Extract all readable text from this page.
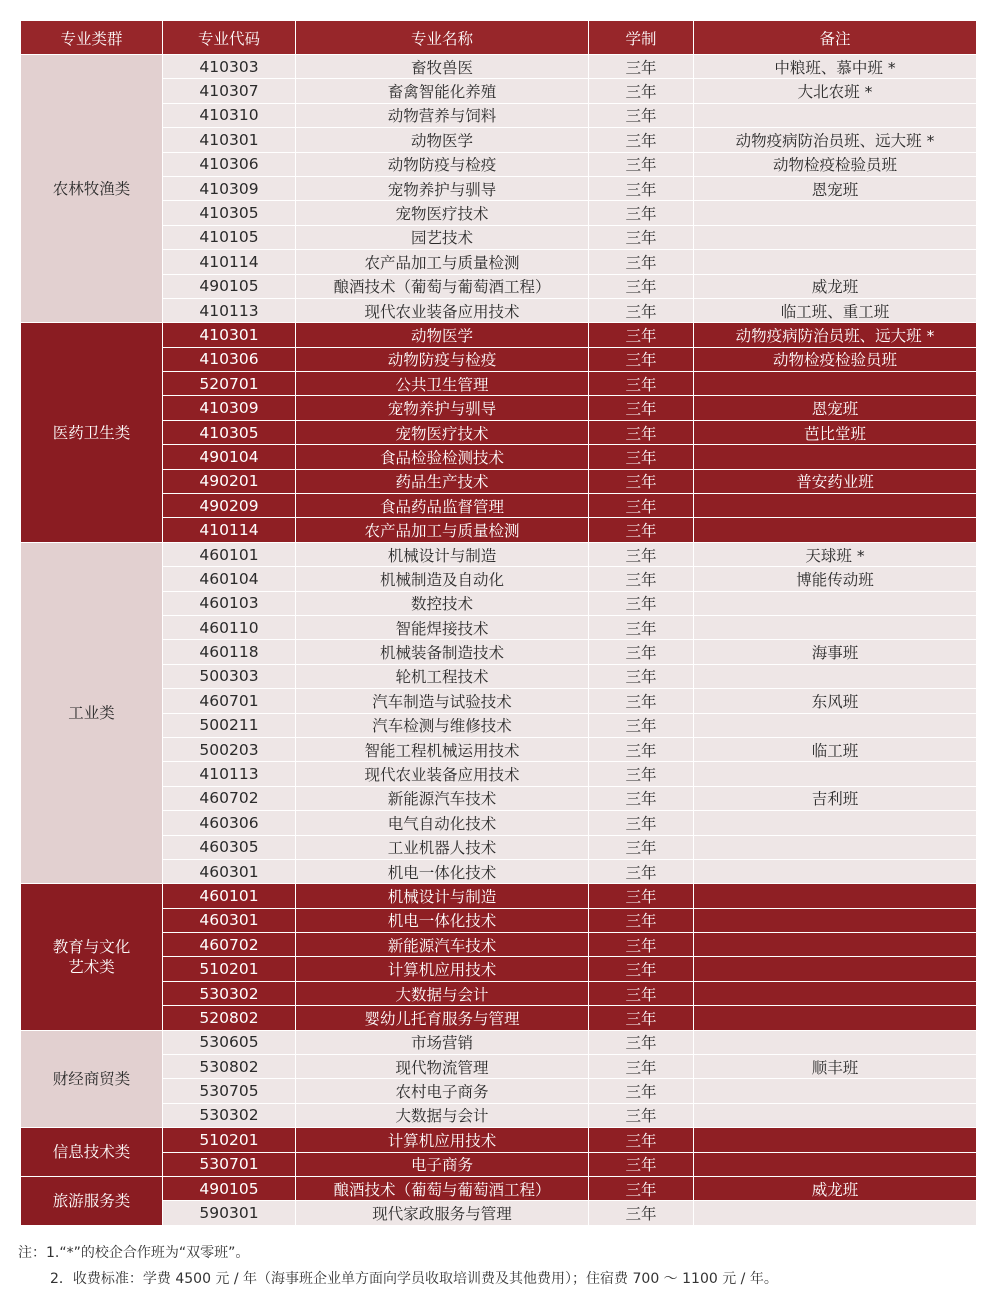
专业类群	专业代码	专业名称	学制	备注
农林牧渔类	410303	畜牧兽医	三年	中粮班、慕中班 *
	410307	畜禽智能化养殖	三年	大北农班 *
	410310	动物营养与饲料	三年	
	410301	动物医学	三年	动物疫病防治员班、远大班 *
	410306	动物防疫与检疫	三年	动物检疫检验员班
	410309	宠物养护与驯导	三年	恩宠班
	410305	宠物医疗技术	三年	
	410105	园艺技术	三年	
	410114	农产品加工与质量检测	三年	
	490105	酿酒技术（葡萄与葡萄酒工程）	三年	威龙班
	410113	现代农业装备应用技术	三年	临工班、重工班
医药卫生类	410301	动物医学	三年	动物疫病防治员班、远大班 *
	410306	动物防疫与检疫	三年	动物检疫检验员班
	520701	公共卫生管理	三年	
	410309	宠物养护与驯导	三年	恩宠班
	410305	宠物医疗技术	三年	芭比堂班
	490104	食品检验检测技术	三年	
	490201	药品生产技术	三年	普安药业班
	490209	食品药品监督管理	三年	
	410114	农产品加工与质量检测	三年	
工业类	460101	机械设计与制造	三年	天球班 *
	460104	机械制造及自动化	三年	博能传动班
	460103	数控技术	三年	
	460110	智能焊接技术	三年	
	460118	机械装备制造技术	三年	海事班
	500303	轮机工程技术	三年	
	460701	汽车制造与试验技术	三年	东风班
	500211	汽车检测与维修技术	三年	
	500203	智能工程机械运用技术	三年	临工班
	410113	现代农业装备应用技术	三年	
	460702	新能源汽车技术	三年	吉利班
	460306	电气自动化技术	三年	
	460305	工业机器人技术	三年	
	460301	机电一体化技术	三年	
教育与文化
艺术类	460101	机械设计与制造	三年	
	460301	机电一体化技术	三年	
	460702	新能源汽车技术	三年	
	510201	计算机应用技术	三年	
	530302	大数据与会计	三年	
	520802	婴幼儿托育服务与管理	三年	
财经商贸类	530605	市场营销	三年	
	530802	现代物流管理	三年	顺丰班
	530705	农村电子商务	三年	
	530302	大数据与会计	三年	
信息技术类	510201	计算机应用技术	三年	
	530701	电子商务	三年	
旅游服务类	490105	酿酒技术（葡萄与葡萄酒工程）	三年	威龙班
	590301	现代家政服务与管理	三年	
注：1.“*”的校企合作班为“双零班”。
2．收费标准：学费 4500 元 / 年（海事班企业单方面向学员收取培训费及其他费用）；住宿费 700 ～ 1100 元 / 年。
